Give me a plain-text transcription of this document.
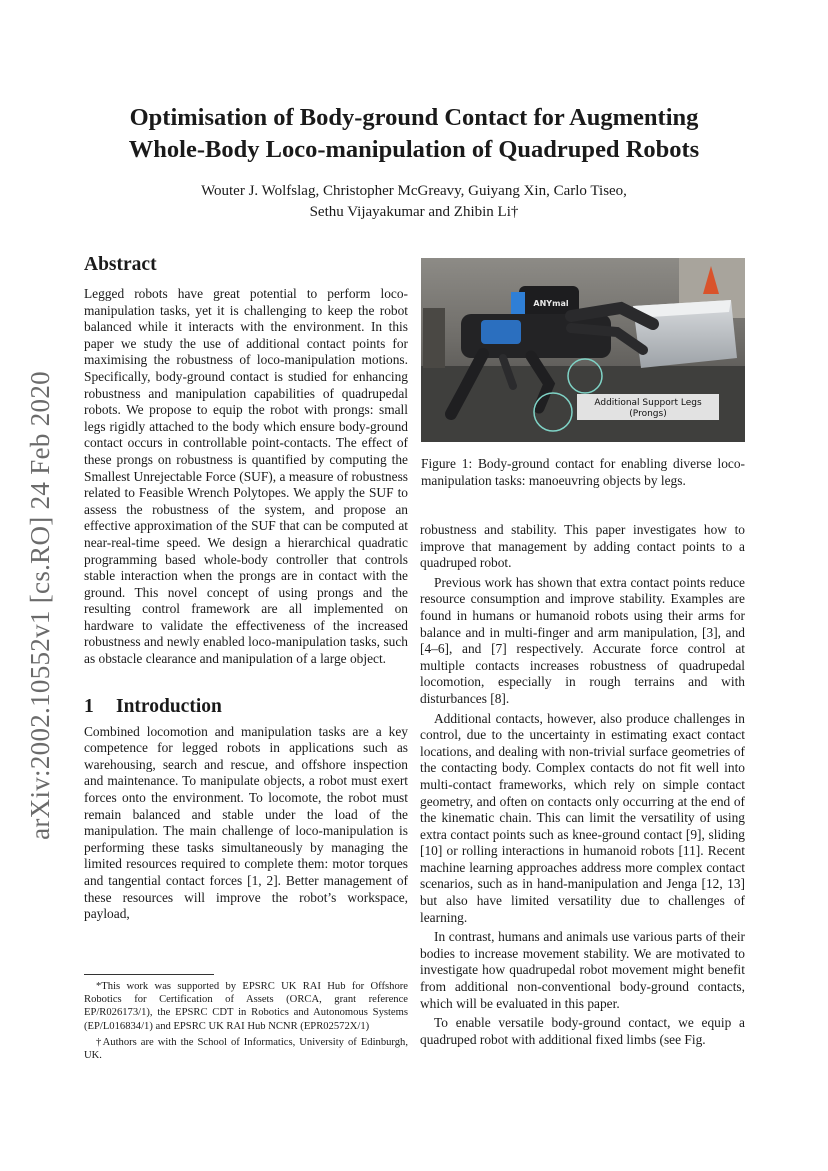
arXiv:2002.10552v1 [cs.RO] 24 Feb 2020
Optimisation of Body-ground Contact for Augmenting
Whole-Body Loco-manipulation of Quadruped Robots
Wouter J. Wolfslag, Christopher McGreavy, Guiyang Xin, Carlo Tiseo,
Sethu Vijayakumar and Zhibin Li†
Abstract

Legged robots have great potential to perform loco-manipulation tasks, yet it is challenging to keep the robot balanced while it interacts with the environment. In this paper we study the use of additional contact points for maximising the robustness of loco-manipulation motions. Specifically, body-ground contact is studied for enhancing robustness and manipulation capabilities of quadrupedal robots. We propose to equip the robot with prongs: small legs rigidly attached to the body which ensure body-ground contact occurs in controllable point-contacts. The effect of these prongs on robustness is quantified by computing the Smallest Unrejectable Force (SUF), a measure of robustness related to Feasible Wrench Polytopes. We apply the SUF to assess the robustness of the system, and propose an effective approximation of the SUF that can be computed at near-real-time speed. We design a hierarchical quadratic programming based whole-body controller that controls stable interaction when the prongs are in contact with the ground. This novel concept of using prongs and the resulting control framework are all implemented on hardware to validate the effectiveness of the increased robustness and newly enabled loco-manipulation tasks, such as obstacle clearance and manipulation of a large object.

1 Introduction

Combined locomotion and manipulation tasks are a key competence for legged robots in applications such as warehousing, search and rescue, and offshore inspection and maintenance. To manipulate objects, a robot must exert forces onto the environment. To locomote, the robot must remain balanced and stable under the load of the manipulation. The main challenge of loco-manipulation is performing these tasks simultaneously by managing the limited resources required to complete them: motor torques and tangential contact forces [1, 2]. Better management of these resources will improve the robot’s workspace, payload,

*This work was supported by EPSRC UK RAI Hub for Offshore Robotics for Certification of Assets (ORCA, grant reference EP/R026173/1), the EPSRC CDT in Robotics and Autonomous Systems (EP/L016834/1) and EPSRC UK RAI Hub NCNR (EPR02572X/1)

†Authors are with the School of Informatics, University of Edinburgh, UK.

Additional Support Legs
(Prongs)
ANYmal

Figure 1: Body-ground contact for enabling diverse loco-manipulation tasks: manoeuvring objects by legs.

robustness and stability. This paper investigates how to improve that management by adding contact points to a quadruped robot.

Previous work has shown that extra contact points reduce resource consumption and improve stability. Examples are found in humans or humanoid robots using their arms for balance and in multi-finger and arm manipulation, [3], and [4–6], and [7] respectively. Accurate force control at multiple contacts increases robustness of quadrupedal locomotion, especially in rough terrains and with disturbances [8].

Additional contacts, however, also produce challenges in control, due to the uncertainty in estimating exact contact locations, and dealing with non-trivial surface geometries of the contacting body. Complex contacts do not fit well into multi-contact frameworks, which rely on simple contact geometry, and often on contacts only occurring at the end of the kinematic chain. This can limit the versatility of using extra contact points such as knee-ground contact [9], sliding [10] or rolling interactions in humanoid robots [11]. Recent machine learning approaches address more complex contact scenarios, such as in hand-manipulation and Jenga [12, 13] but also have limited versatility due to challenges of learning.

In contrast, humans and animals use various parts of their bodies to increase movement stability. We are motivated to investigate how quadrupedal robot movement might benefit from additional non-conventional body-ground contacts, which will be evaluated in this paper.

To enable versatile body-ground contact, we equip a quadruped robot with additional fixed limbs (see Fig.
